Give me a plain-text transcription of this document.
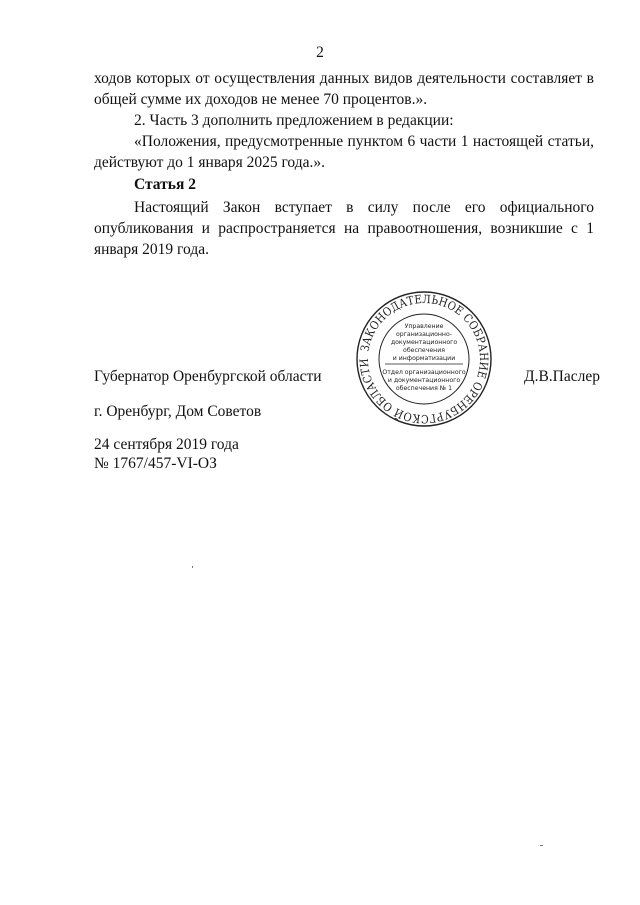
2
ходов которых от осуществления данных видов деятельности составляет в общей сумме их доходов не менее 70 процентов.».
2. Часть 3 дополнить предложением в редакции:
«Положения, предусмотренные пунктом 6 части 1 настоящей статьи, действуют до 1 января 2025 года.».
Статья 2
Настоящий Закон вступает в силу после его официального опубликования и распространяется на правоотношения, возникшие с 1 января 2019 года.
Губернатор Оренбургской области	Д.В.Паслер
ЗАКОНОДАТЕЛЬНОЕ СОБРАНИЕ ОРЕНБУРГСКОЙ ОБЛАСТИ
Управление
организационно-
документационного
обеспечения
и информатизации
Отдел организационного
и документационного
обеспечения № 1
г. Оренбург, Дом Советов
24 сентября 2019 года
№ 1767/457-VI-ОЗ
